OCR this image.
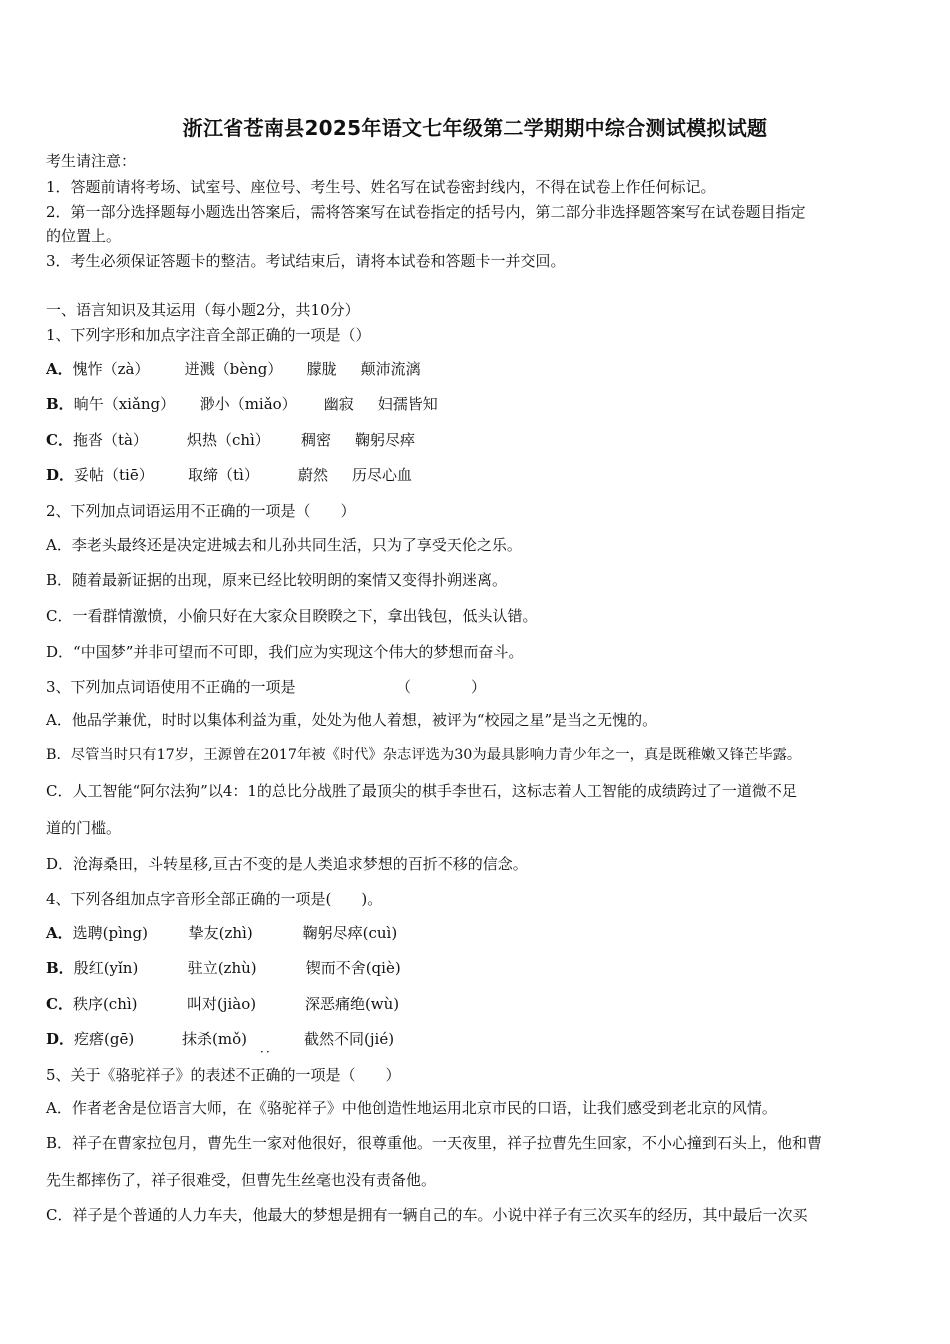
浙江省苍南县2025年语文七年级第二学期期中综合测试模拟试题
考生请注意：
1．答题前请将考场、试室号、座位号、考生号、姓名写在试卷密封线内，不得在试卷上作任何标记。
2．第一部分选择题每小题选出答案后，需将答案写在试卷指定的括号内，第二部分非选择题答案写在试卷题目指定
的位置上。
3．考生必须保证答题卡的整洁。考试结束后，请将本试卷和答题卡一并交回。
一、语言知识及其运用（每小题2分，共10分）
1、下列字形和加点字注音全部正确的一项是（）
A．愧怍（zà） 迸溅（bèng） 朦胧 颠沛流漓
B．晌午（xiǎng） 渺小（miǎo） 幽寂 妇孺皆知
C．拖沓（tà）	炽热（chì） 稠密 鞠躬尽瘁
D．妥帖（tiē） 取缔（tì）	蔚然 历尽心血
2、下列加点词语运用不正确的一项是（　　）
A．李老头最终还是决定进城去和儿孙共同生活，只为了享受天伦之乐。
B．随着最新证据的出现，原来已经比较明朗的案情又变得扑朔迷离。
C．一看群情激愤，小偷只好在大家众目睽睽之下，拿出钱包，低头认错。
D．“中国梦”并非可望而不可即，我们应为实现这个伟大的梦想而奋斗。
3、下列加点词语使用不正确的一项是	（　　　　）
A．他品学兼优，时时以集体利益为重，处处为他人着想，被评为“校园之星”是当之无愧的。
B．尽管当时只有17岁，王源曾在2017年被《时代》杂志评选为30为最具影响力青少年之一，真是既稚嫩又锋芒毕露。
C．人工智能“阿尔法狗”以4：1的总比分战胜了最顶尖的棋手李世石，这标志着人工智能的成绩跨过了一道微不足
道的门槛。
D．沧海桑田，斗转星移,亘古不变的是人类追求梦想的百折不移的信念。
4、下列各组加点字音形全部正确的一项是(　　)。
A．选聘(pìng)	挚友(zhì)	鞠躬尽瘁(cuì)
B．殷红(yǐn)	驻立(zhù)	锲而不舍(qiè)
C．秩序(chì)	叫对(jiào)	深恶痛绝(wù)
D．疙瘩(gē)	抹杀(mǒ)	截然不同(jié)
．．
5、关于《骆驼祥子》的表述不正确的一项是（　　）
A．作者老舍是位语言大师，在《骆驼祥子》中他创造性地运用北京市民的口语，让我们感受到老北京的风情。
B．祥子在曹家拉包月，曹先生一家对他很好，很尊重他。一天夜里，祥子拉曹先生回家，不小心撞到石头上，他和曹
先生都摔伤了，祥子很难受，但曹先生丝毫也没有责备他。
C．祥子是个普通的人力车夫，他最大的梦想是拥有一辆自己的车。小说中祥子有三次买车的经历，其中最后一次买
